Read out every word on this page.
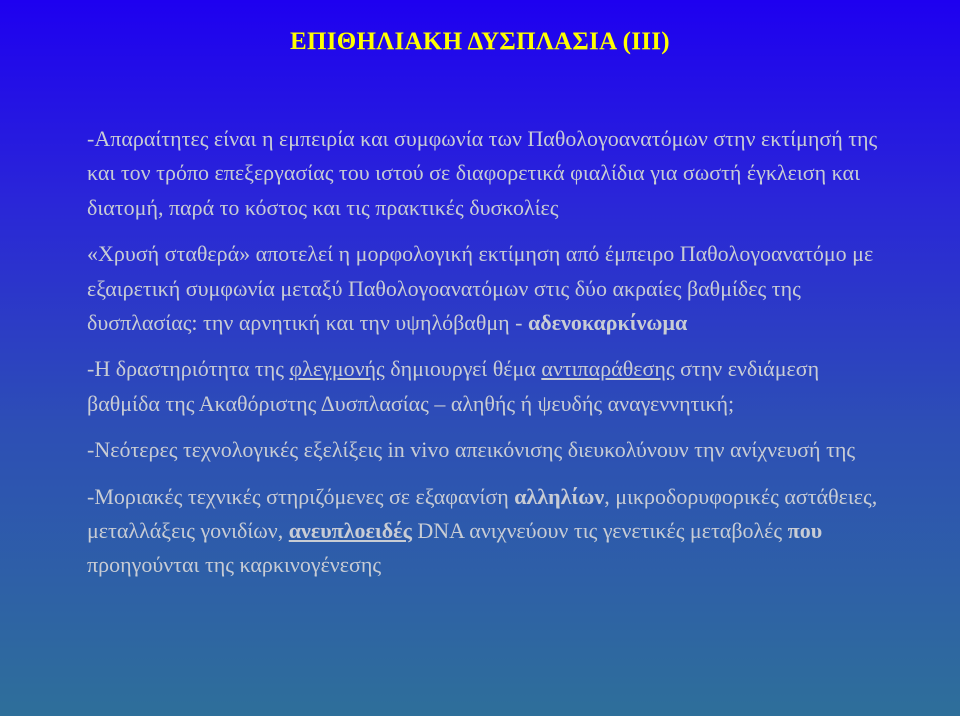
ΕΠΙΘΗΛΙΑΚΗ ΔΥΣΠΛΑΣΙΑ (ΙΙΙ)

-Απαραίτητες είναι η εμπειρία και συμφωνία των Παθολογοανατόμων στην εκτίμησή της και τον τρόπο επεξεργασίας του ιστού σε διαφορετικά φιαλίδια για σωστή έγκλειση και διατομή, παρά το κόστος και τις πρακτικές δυσκολίες

«Χρυσή σταθερά» αποτελεί η μορφολογική εκτίμηση από έμπειρο Παθολογοανατόμο με εξαιρετική συμφωνία μεταξύ Παθολογοανατόμων στις δύο ακραίες βαθμίδες της δυσπλασίας: την αρνητική και την υψηλόβαθμη - αδενοκαρκίνωμα

-Η δραστηριότητα της φλεγμονής δημιουργεί θέμα αντιπαράθεσης στην ενδιάμεση βαθμίδα της Ακαθόριστης Δυσπλασίας – αληθής ή ψευδής αναγεννητική;

-Νεότερες τεχνολογικές εξελίξεις in vivo απεικόνισης διευκολύνουν την ανίχνευσή της

-Μοριακές τεχνικές στηριζόμενες σε εξαφανίση αλληλίων, μικροδορυφορικές αστάθειες, μεταλλάξεις γονιδίων, ανευπλοειδές DNA ανιχνεύουν τις γενετικές μεταβολές που προηγούνται της καρκινογένεσης
